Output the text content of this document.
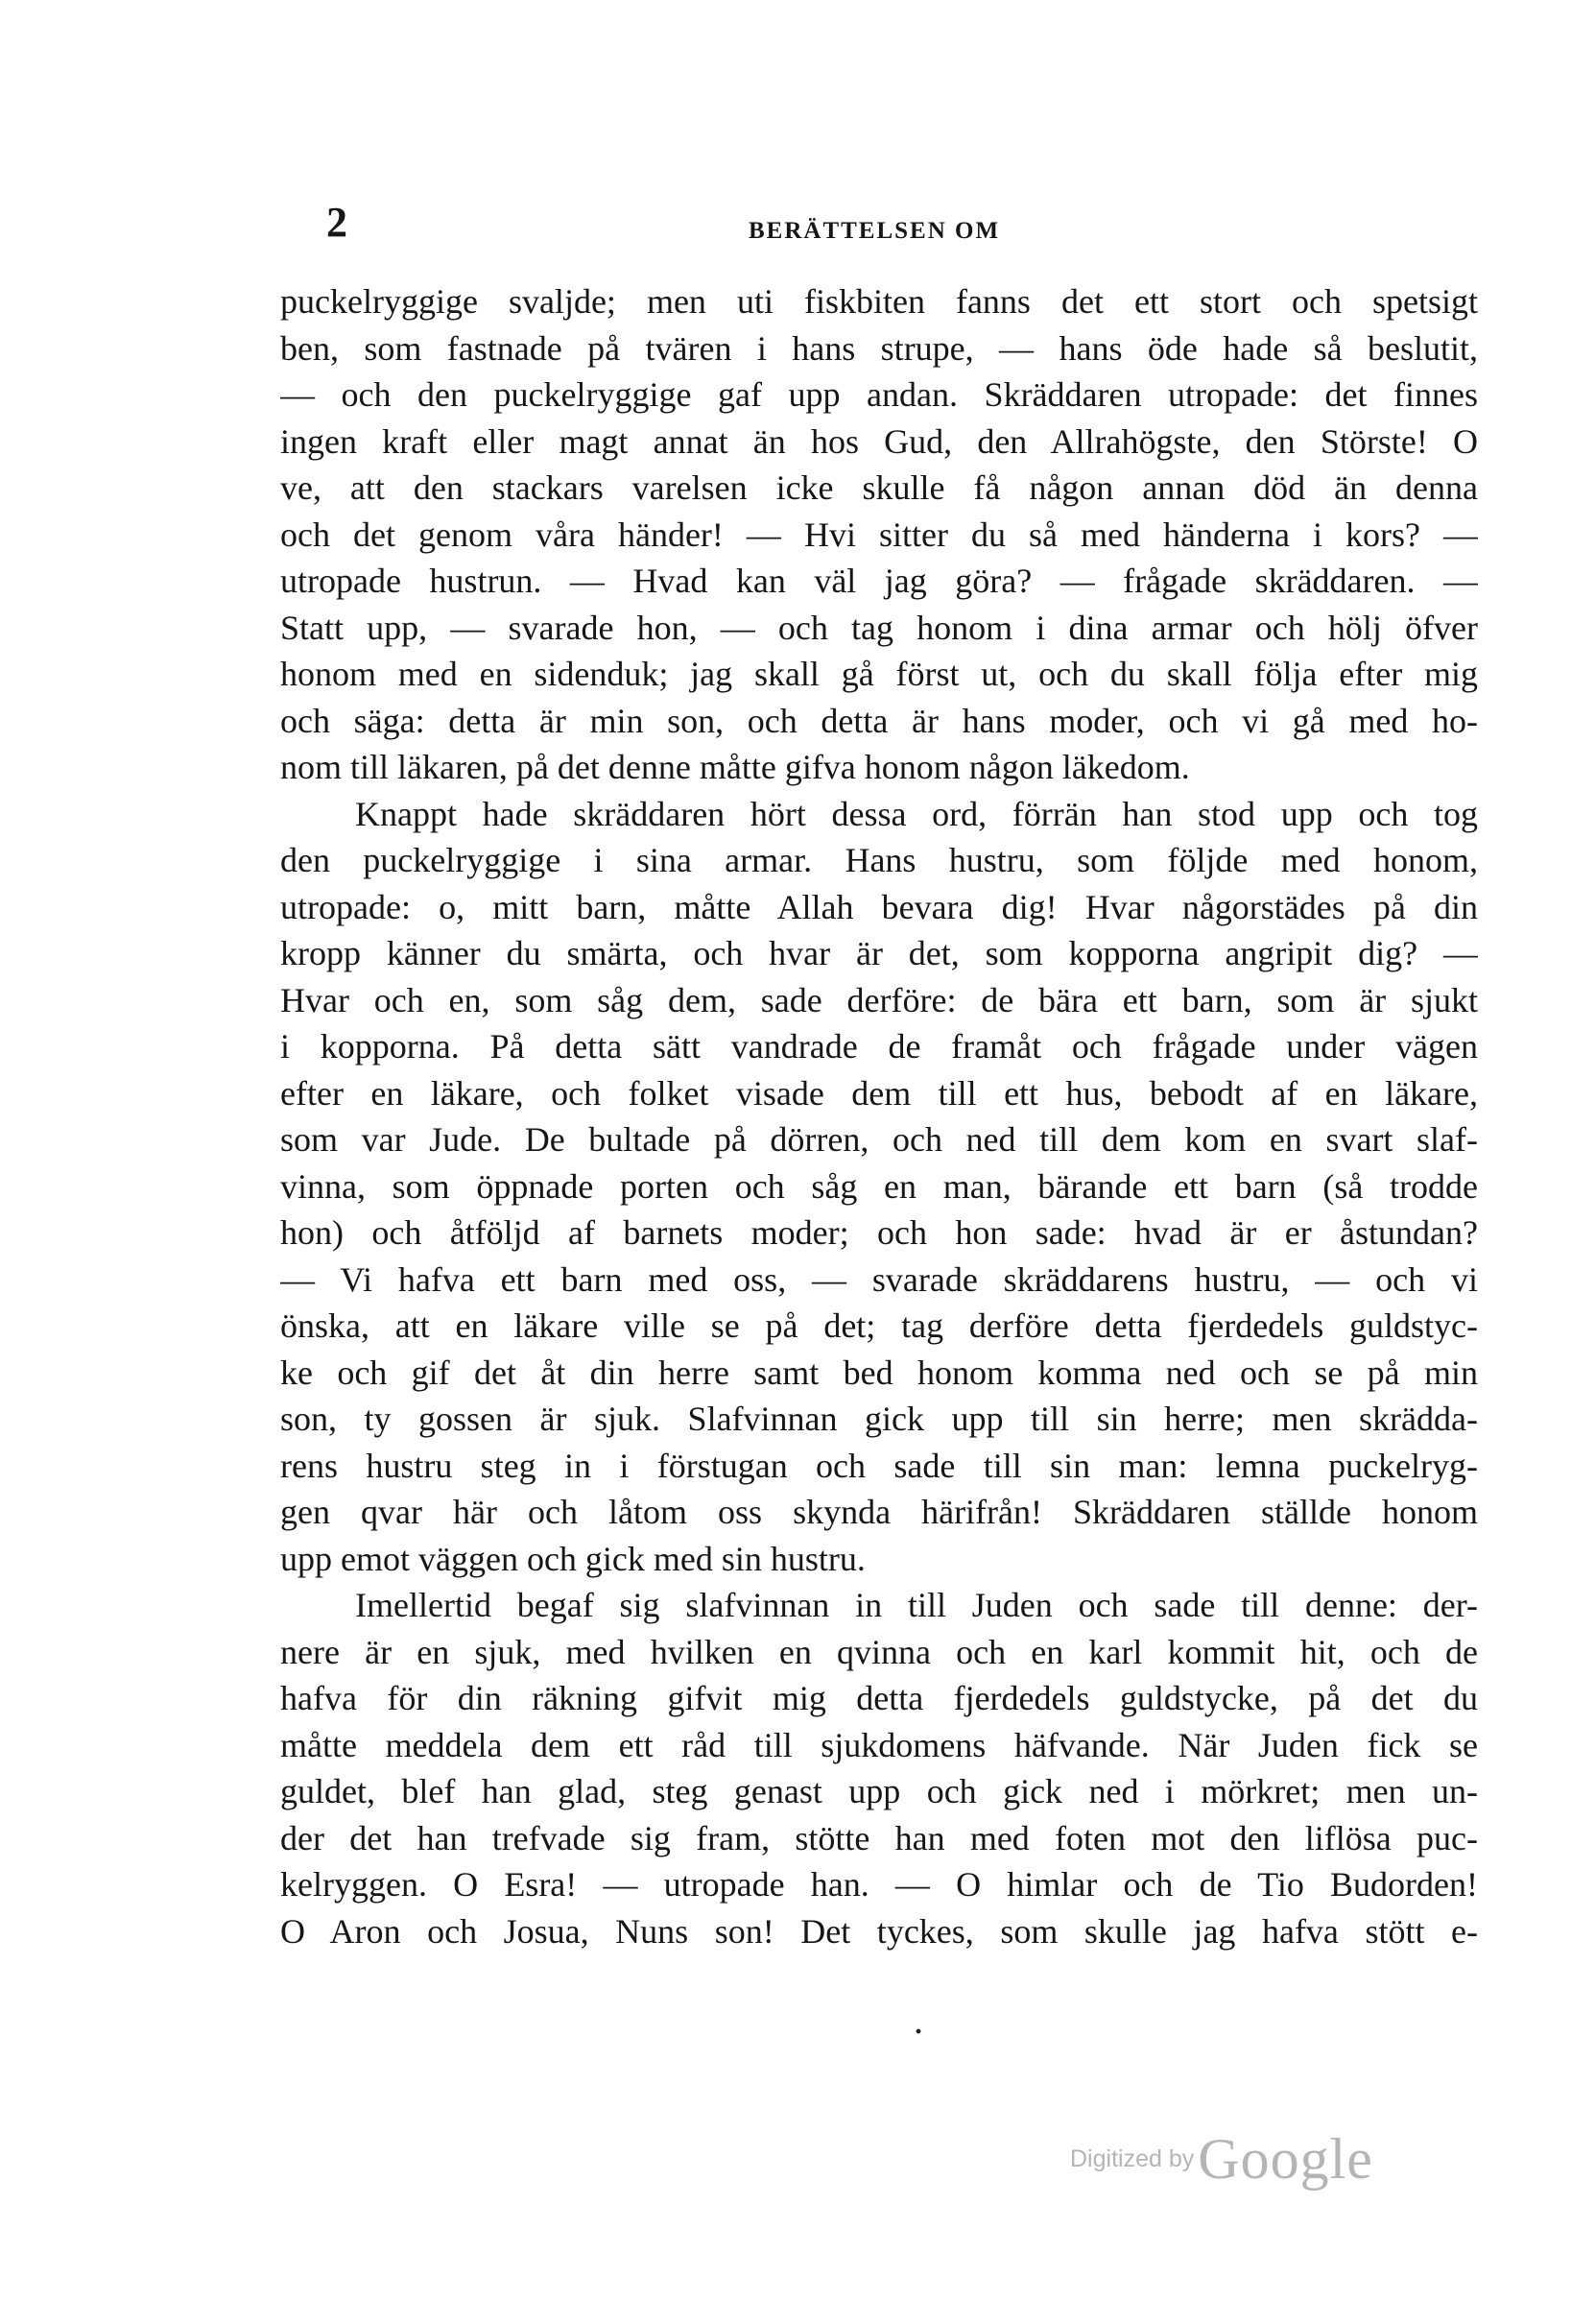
2	BERÄTTELSEN OM
puckelryggige svaljde; men uti fiskbiten fanns det ett stort och spetsigt
ben, som fastnade på tvären i hans strupe, — hans öde hade så beslutit,
— och den puckelryggige gaf upp andan. Skräddaren utropade: det finnes
ingen kraft eller magt annat än hos Gud, den Allrahögste, den Störste! O
ve, att den stackars varelsen icke skulle få någon annan död än denna
och det genom våra händer! — Hvi sitter du så med händerna i kors? —
utropade hustrun. — Hvad kan väl jag göra? — frågade skräddaren. —
Statt upp, — svarade hon, — och tag honom i dina armar och hölj öfver
honom med en sidenduk; jag skall gå först ut, och du skall följa efter mig
och säga: detta är min son, och detta är hans moder, och vi gå med ho-
nom till läkaren, på det denne måtte gifva honom någon läkedom.
Knappt hade skräddaren hört dessa ord, förrän han stod upp och tog
den puckelryggige i sina armar. Hans hustru, som följde med honom,
utropade: o, mitt barn, måtte Allah bevara dig! Hvar någorstädes på din
kropp känner du smärta, och hvar är det, som kopporna angripit dig? —
Hvar och en, som såg dem, sade derföre: de bära ett barn, som är sjukt
i kopporna. På detta sätt vandrade de framåt och frågade under vägen
efter en läkare, och folket visade dem till ett hus, bebodt af en läkare,
som var Jude. De bultade på dörren, och ned till dem kom en svart slaf-
vinna, som öppnade porten och såg en man, bärande ett barn (så trodde
hon) och åtföljd af barnets moder; och hon sade: hvad är er åstundan?
— Vi hafva ett barn med oss, — svarade skräddarens hustru, — och vi
önska, att en läkare ville se på det; tag derföre detta fjerdedels guldstyc-
ke och gif det åt din herre samt bed honom komma ned och se på min
son, ty gossen är sjuk. Slafvinnan gick upp till sin herre; men skrädda-
rens hustru steg in i förstugan och sade till sin man: lemna puckelryg-
gen qvar här och låtom oss skynda härifrån! Skräddaren ställde honom
upp emot väggen och gick med sin hustru.
Imellertid begaf sig slafvinnan in till Juden och sade till denne: der-
nere är en sjuk, med hvilken en qvinna och en karl kommit hit, och de
hafva för din räkning gifvit mig detta fjerdedels guldstycke, på det du
måtte meddela dem ett råd till sjukdomens häfvande. När Juden fick se
guldet, blef han glad, steg genast upp och gick ned i mörkret; men un-
der det han trefvade sig fram, stötte han med foten mot den liflösa puc-
kelryggen. O Esra! — utropade han. — O himlar och de Tio Budorden!
O Aron och Josua, Nuns son! Det tyckes, som skulle jag hafva stött e-
·
Digitized by Google
